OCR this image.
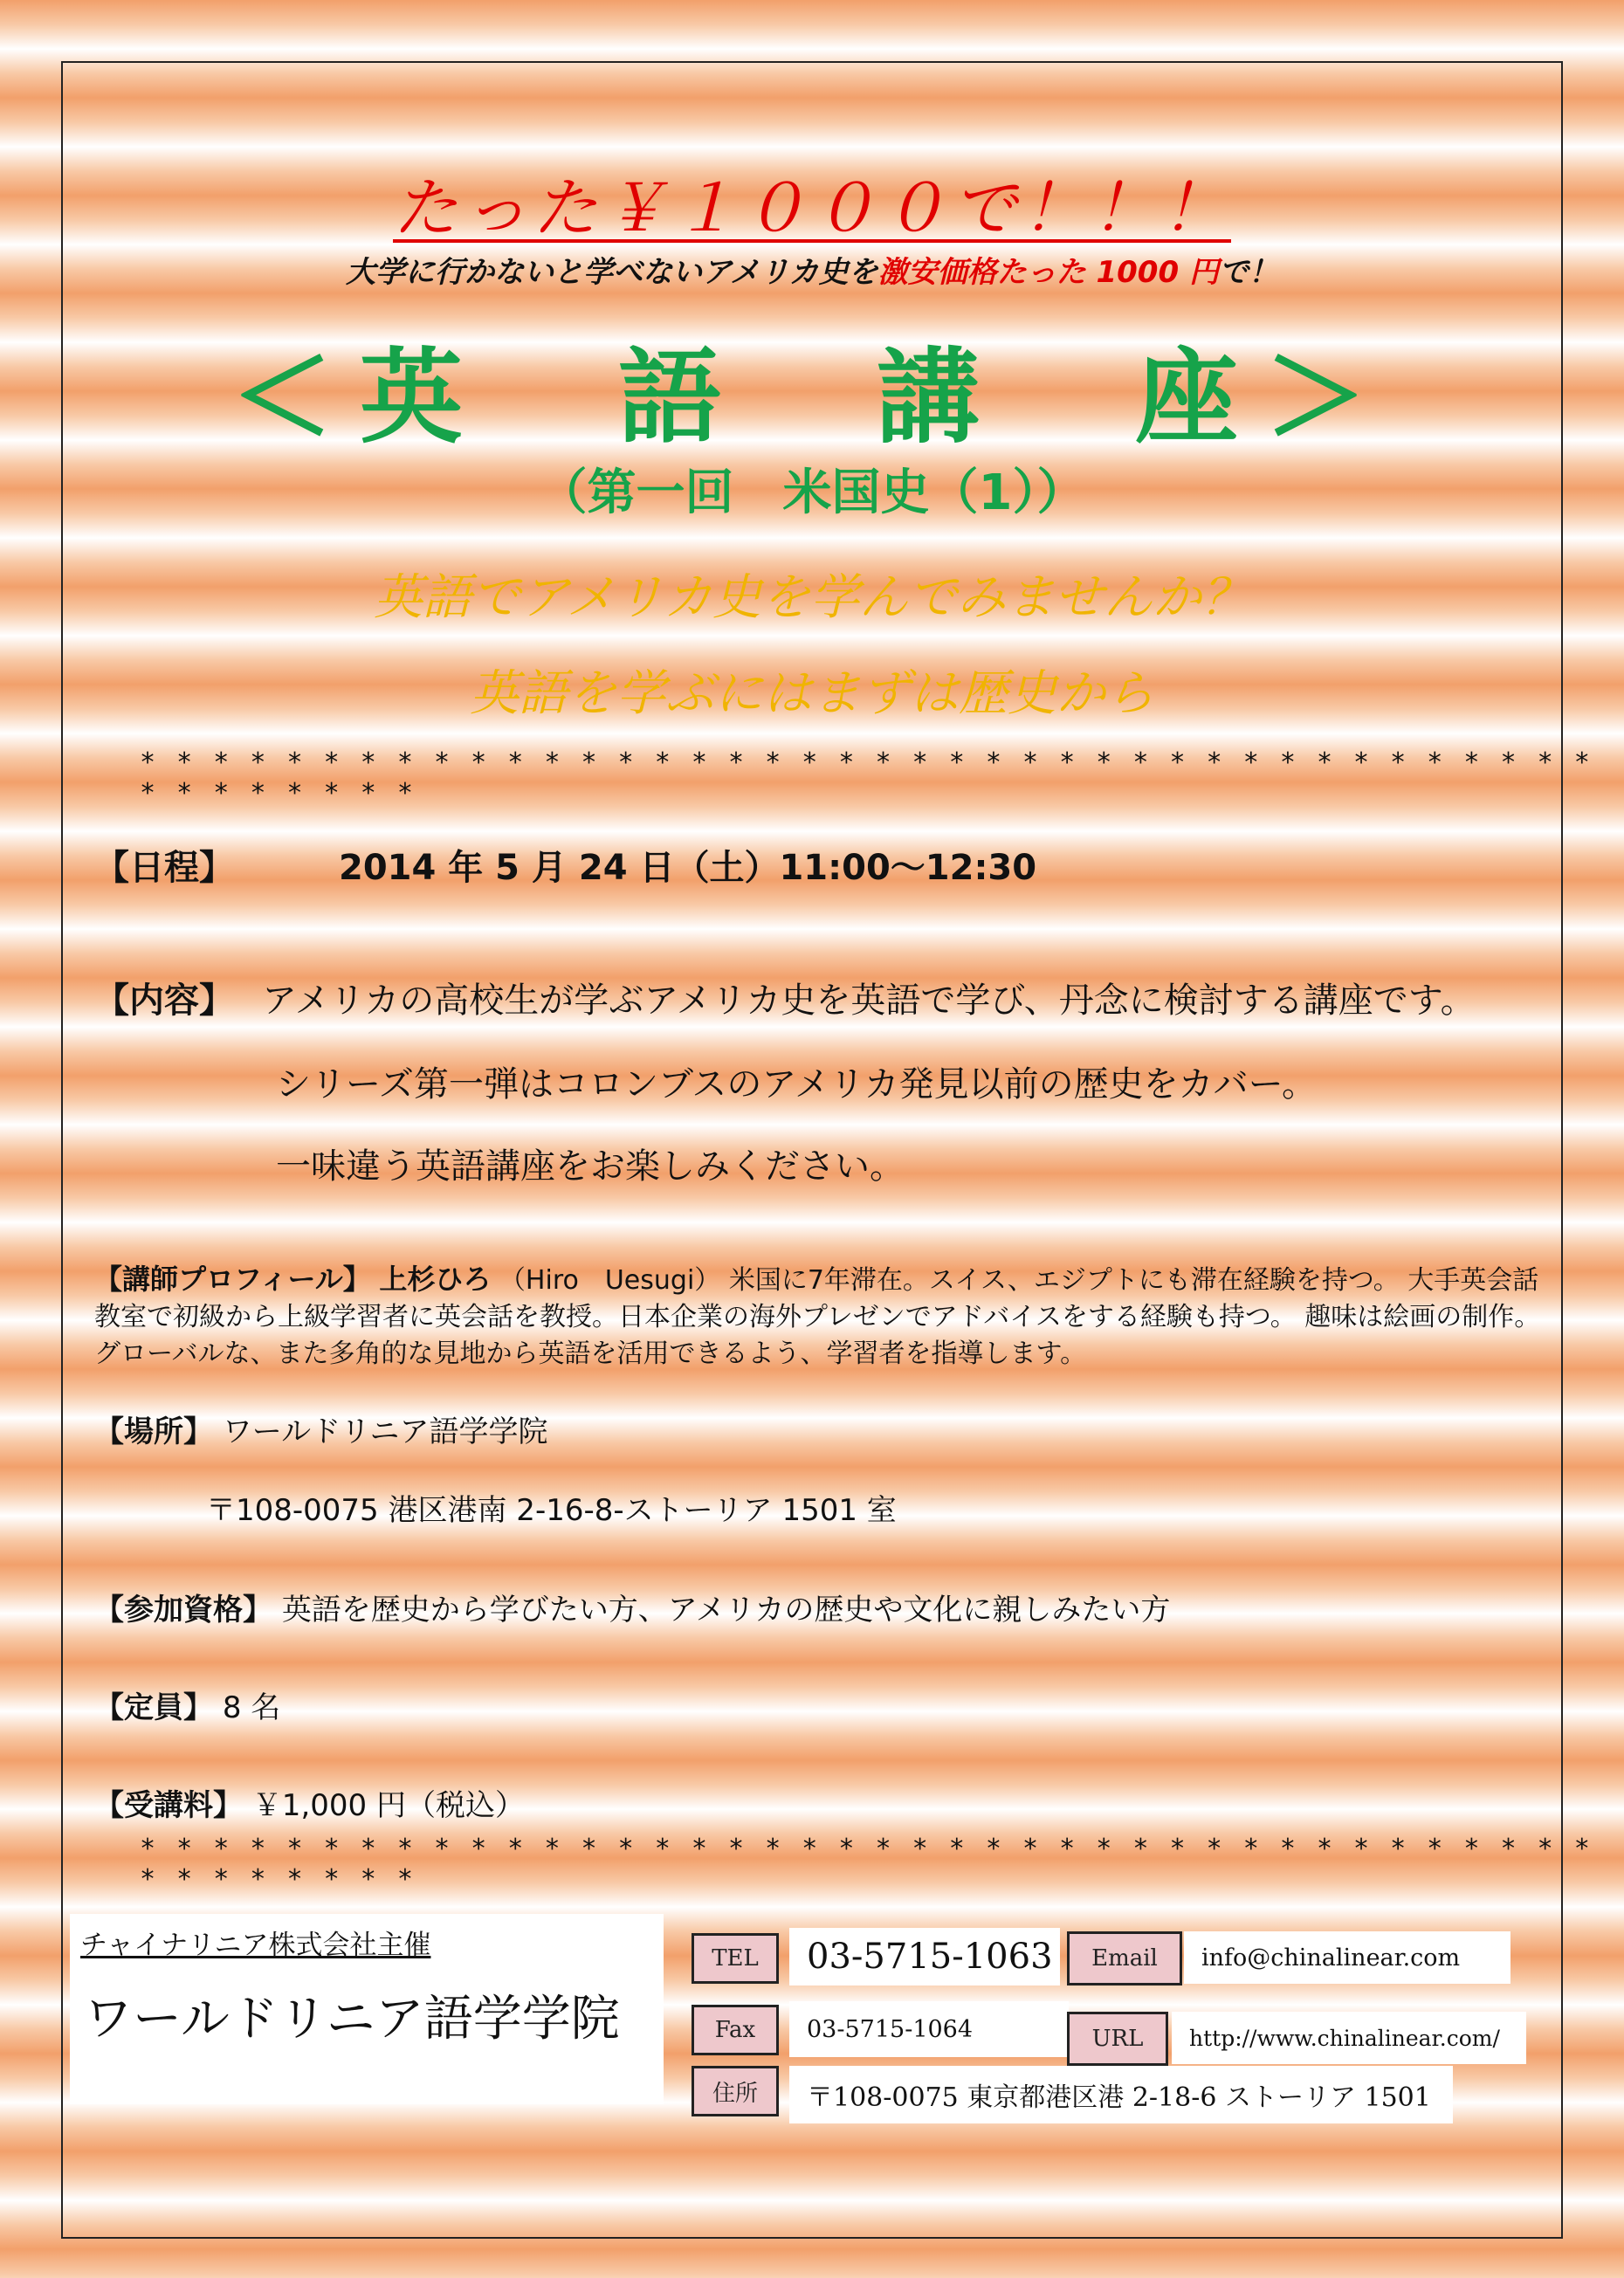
たった￥１０００で！！！
大学に行かないと学べないアメリカ史を激安価格たった 1000 円で！
＜英　語　講　座＞
（第一回　米国史（1））
英語でアメリカ史を学んでみませんか？
英語を学ぶにはまずは歴史から
* * * * * * * * * * * * * * * * * * * * * * * * * * * * * * * * * * * * * * * * * * * * * * * *
【日程】	2014 年 5 月 24 日（土）11:00〜12:30
【内容】 アメリカの高校生が学ぶアメリカ史を英語で学び、丹念に検討する講座です。
シリーズ第一弾はコロンブスのアメリカ発見以前の歴史をカバー。
一味違う英語講座をお楽しみください。
【講師プロフィール】 上杉ひろ （Hiro　Uesugi） 米国に7年滞在。スイス、エジプトにも滞在経験を持つ。 大手英会話
教室で初級から上級学習者に英会話を教授。日本企業の海外プレゼンでアドバイスをする経験も持つ。 趣味は絵画の制作。
グローバルな、また多角的な見地から英語を活用できるよう、学習者を指導します。
【場所】 ワールドリニア語学学院
〒108-0075 港区港南 2-16-8-ストーリア 1501 室
【参加資格】 英語を歴史から学びたい方、アメリカの歴史や文化に親しみたい方
【定員】 8 名
【受講料】 ￥1,000 円（税込）
* * * * * * * * * * * * * * * * * * * * * * * * * * * * * * * * * * * * * * * * * * * * * * * *
チャイナリニア株式会社主催
ワールドリニア語学学院
TEL	03-5715-1063	Email	info@chinalinear.com
Fax	03-5715-1064	URL	http://www.chinalinear.com/
住所	〒108-0075 東京都港区港 2-18-6 ストーリア 1501
